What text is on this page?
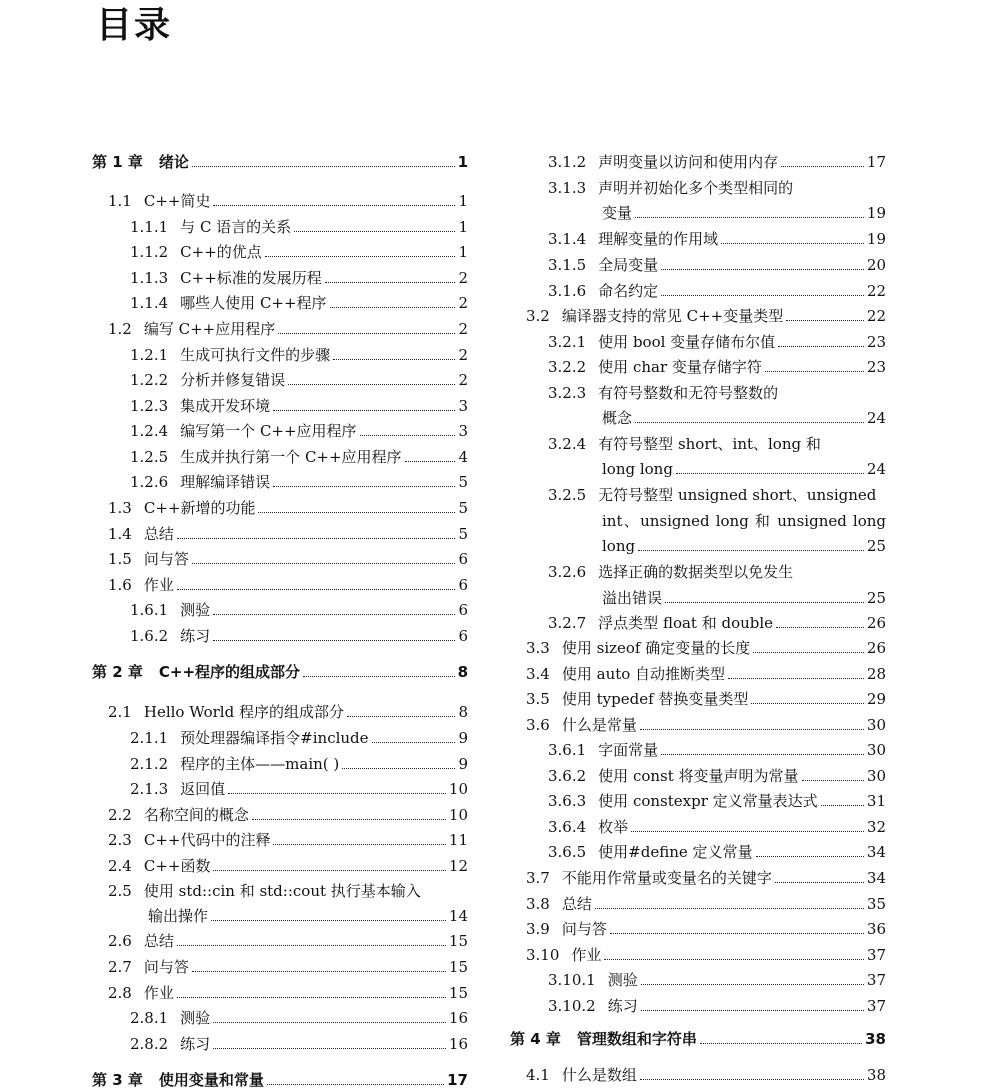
目录
第 1 章 绪论	1
1.1 C++简史	1
1.1.1 与 C 语言的关系	1
1.1.2 C++的优点	1
1.1.3 C++标准的发展历程	2
1.1.4 哪些人使用 C++程序	2
1.2 编写 C++应用程序	2
1.2.1 生成可执行文件的步骤	2
1.2.2 分析并修复错误	2
1.2.3 集成开发环境	3
1.2.4 编写第一个 C++应用程序	3
1.2.5 生成并执行第一个 C++应用程序	4
1.2.6 理解编译错误	5
1.3 C++新增的功能	5
1.4 总结	5
1.5 问与答	6
1.6 作业	6
1.6.1 测验	6
1.6.2 练习	6
第 2 章 C++程序的组成部分	8
2.1 Hello World 程序的组成部分	8
2.1.1 预处理器编译指令#include	9
2.1.2 程序的主体——main( )	9
2.1.3 返回值	10
2.2 名称空间的概念	10
2.3 C++代码中的注释	11
2.4 C++函数	12
2.5 使用 std::cin 和 std::cout 执行基本输入
输出操作	14
2.6 总结	15
2.7 问与答	15
2.8 作业	15
2.8.1 测验	16
2.8.2 练习	16
第 3 章 使用变量和常量	17
3.1.2 声明变量以访问和使用内存	17
3.1.3 声明并初始化多个类型相同的
变量	19
3.1.4 理解变量的作用域	19
3.1.5 全局变量	20
3.1.6 命名约定	22
3.2 编译器支持的常见 C++变量类型	22
3.2.1 使用 bool 变量存储布尔值	23
3.2.2 使用 char 变量存储字符	23
3.2.3 有符号整数和无符号整数的
概念	24
3.2.4 有符号整型 short、int、long 和
long long	24
3.2.5 无符号整型 unsigned short、unsigned
int、unsigned long 和 unsigned long
long	25
3.2.6 选择正确的数据类型以免发生
溢出错误	25
3.2.7 浮点类型 float 和 double	26
3.3 使用 sizeof 确定变量的长度	26
3.4 使用 auto 自动推断类型	28
3.5 使用 typedef 替换变量类型	29
3.6 什么是常量	30
3.6.1 字面常量	30
3.6.2 使用 const 将变量声明为常量	30
3.6.3 使用 constexpr 定义常量表达式	31
3.6.4 枚举	32
3.6.5 使用#define 定义常量	34
3.7 不能用作常量或变量名的关键字	34
3.8 总结	35
3.9 问与答	36
3.10 作业	37
3.10.1 测验	37
3.10.2 练习	37
第 4 章 管理数组和字符串	38
4.1 什么是数组	38
